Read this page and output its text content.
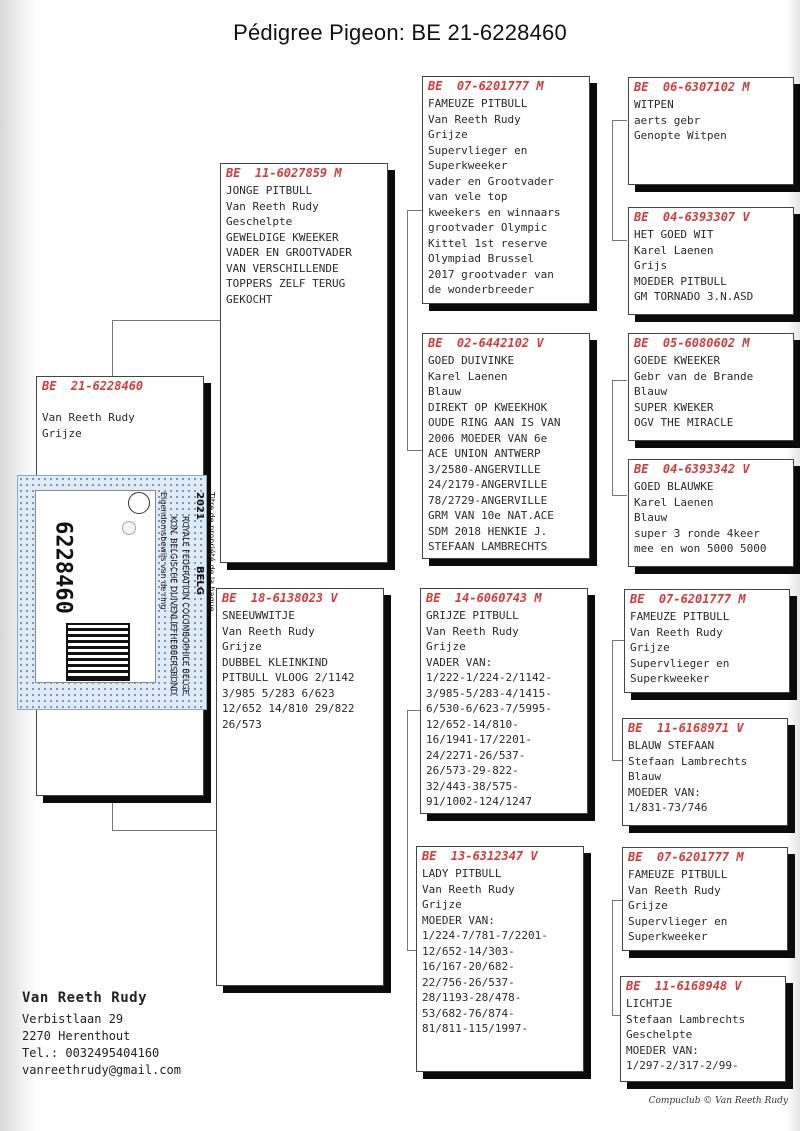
Pédigree Pigeon: BE 21-6228460
BE  21-6228460
Van Reeth Rudy
Grijze
6228460	KON. BELGISCHE DUIVENLIEFHEBBERSBOND ROYALE FEDERATION COLOMBOPHILE BELGE
2021
BELG
Eigendomsbewijs van de ring	Titre de propriété de la bague
BE  11-6027859 M
JONGE PITBULL
Van Reeth Rudy
Geschelpte
GEWELDIGE KWEEKER
VADER EN GROOTVADER
VAN VERSCHILLENDE
TOPPERS ZELF TERUG
GEKOCHT
BE  18-6138023 V
SNEEUWWITJE
Van Reeth Rudy
Grijze
DUBBEL KLEINKIND
PITBULL VLOOG 2/1142
3/985 5/283 6/623
12/652 14/810 29/822
26/573
BE  07-6201777 M
FAMEUZE PITBULL
Van Reeth Rudy
Grijze
Supervlieger en
Superkweeker
vader en Grootvader
van vele top
kweekers en winnaars
grootvader Olympic
Kittel 1st reserve
Olympiad Brussel
2017 grootvader van
de wonderbreeder
BE  02-6442102 V
GOED DUIVINKE
Karel Laenen
Blauw
DIREKT OP KWEEKHOK
OUDE RING AAN IS VAN
2006 MOEDER VAN 6e
ACE UNION ANTWERP
3/2580-ANGERVILLE
24/2179-ANGERVILLE
78/2729-ANGERVILLE
GRM VAN 10e NAT.ACE
SDM 2018 HENKIE J.
STEFAAN LAMBRECHTS
BE  14-6060743 M
GRIJZE PITBULL
Van Reeth Rudy
Grijze
VADER VAN:
1/222-1/224-2/1142-
3/985-5/283-4/1415-
6/530-6/623-7/5995-
12/652-14/810-
16/1941-17/2201-
24/2271-26/537-
26/573-29-822-
32/443-38/575-
91/1002-124/1247
BE  13-6312347 V
LADY PITBULL
Van Reeth Rudy
Grijze
MOEDER VAN:
1/224-7/781-7/2201-
12/652-14/303-
16/167-20/682-
22/756-26/537-
28/1193-28/478-
53/682-76/874-
81/811-115/1997-
BE  06-6307102 M
WITPEN
aerts gebr
Genopte Witpen
BE  04-6393307 V
HET GOED WIT
Karel Laenen
Grijs
MOEDER PITBULL
GM TORNADO 3.N.ASD
BE  05-6080602 M
GOEDE KWEEKER
Gebr van de Brande
Blauw
SUPER KWEKER
OGV THE MIRACLE
BE  04-6393342 V
GOED BLAUWKE
Karel Laenen
Blauw
super 3 ronde 4keer
mee en won 5000 5000
BE  07-6201777 M
FAMEUZE PITBULL
Van Reeth Rudy
Grijze
Supervlieger en
Superkweeker
BE  11-6168971 V
BLAUW STEFAAN
Stefaan Lambrechts
Blauw
MOEDER VAN:
1/831-73/746
BE  07-6201777 M
FAMEUZE PITBULL
Van Reeth Rudy
Grijze
Supervlieger en
Superkweeker
BE  11-6168948 V
LICHTJE
Stefaan Lambrechts
Geschelpte
MOEDER VAN:
1/297-2/317-2/99-
Van Reeth Rudy
Verbistlaan 29
2270 Herenthout
Tel.: 0032495404160
vanreethrudy@gmail.com
Compuclub © Van Reeth Rudy
